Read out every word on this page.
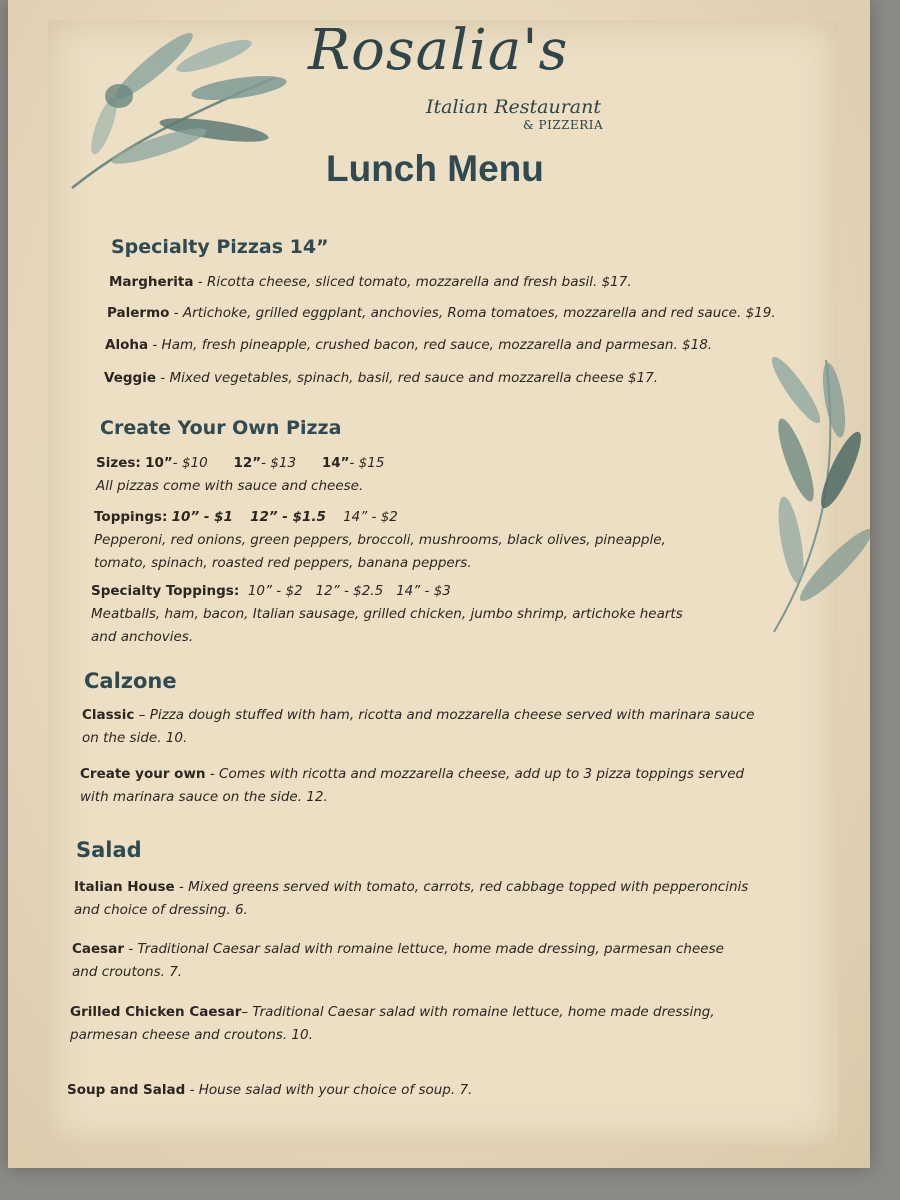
Rosalia's
Italian Restaurant
& PIZZERIA
Lunch Menu
Specialty Pizzas 14”
Margherita - Ricotta cheese, sliced tomato, mozzarella and fresh basil. $17.
Palermo - Artichoke, grilled eggplant, anchovies, Roma tomatoes, mozzarella and red sauce. $19.
Aloha - Ham, fresh pineapple, crushed bacon, red sauce, mozzarella and parmesan. $18.
Veggie - Mixed vegetables, spinach, basil, red sauce and mozzarella cheese $17.
Create Your Own Pizza
Sizes: 10”- $10 12”- $13 14”- $15
All pizzas come with sauce and cheese.
Toppings: 10” - $1 12” - $1.5 14” - $2
Pepperoni, red onions, green peppers, broccoli, mushrooms, black olives, pineapple,
tomato, spinach, roasted red peppers, banana peppers.
Specialty Toppings: 10” - $2 12” - $2.5 14” - $3
Meatballs, ham, bacon, Italian sausage, grilled chicken, jumbo shrimp, artichoke hearts
and anchovies.
Calzone
Classic – Pizza dough stuffed with ham, ricotta and mozzarella cheese served with marinara sauce
on the side. 10.
Create your own - Comes with ricotta and mozzarella cheese, add up to 3 pizza toppings served
with marinara sauce on the side. 12.
Salad
Italian House - Mixed greens served with tomato, carrots, red cabbage topped with pepperoncinis
and choice of dressing. 6.
Caesar - Traditional Caesar salad with romaine lettuce, home made dressing, parmesan cheese
and croutons. 7.
Grilled Chicken Caesar– Traditional Caesar salad with romaine lettuce, home made dressing,
parmesan cheese and croutons. 10.
Soup and Salad - House salad with your choice of soup. 7.
